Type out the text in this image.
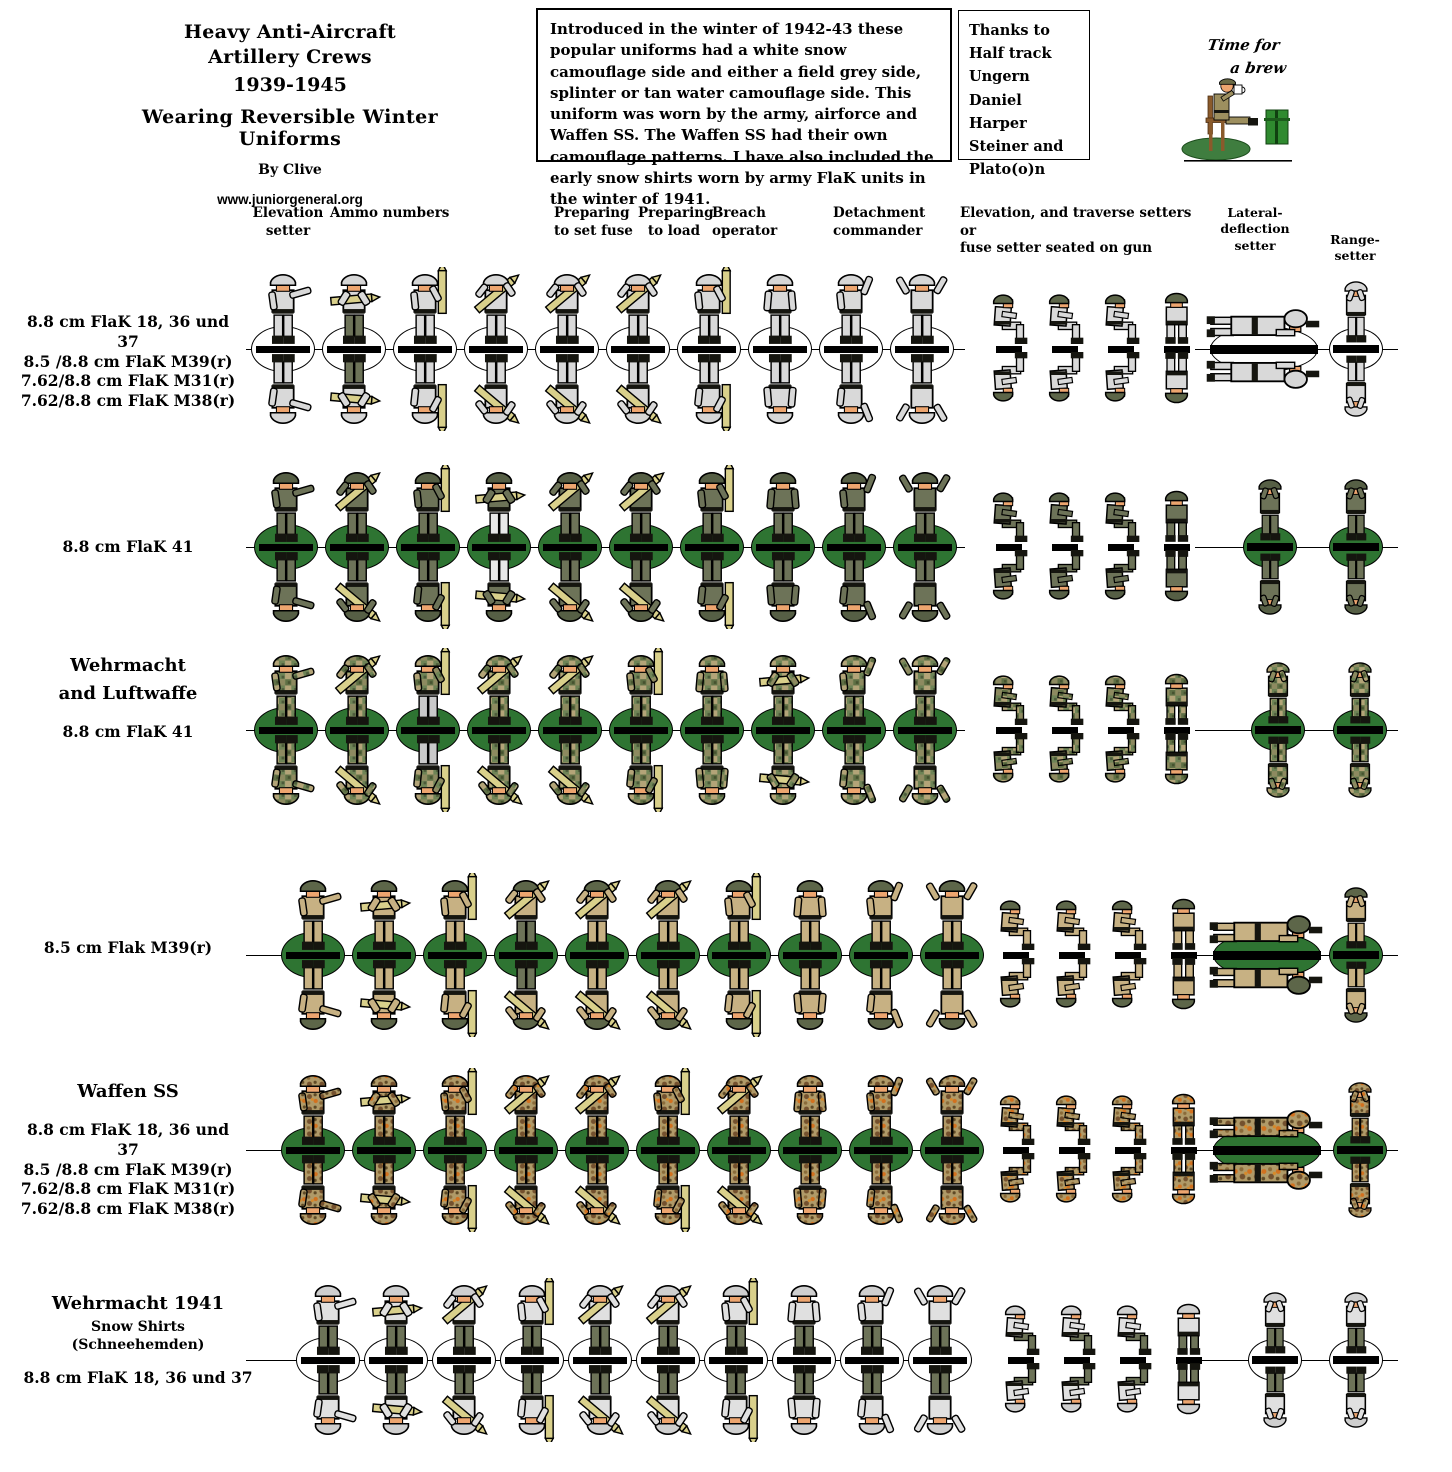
Heavy Anti-Aircraft
Artillery Crews
1939-1945
Wearing Reversible Winter Uniforms
By Clive
www.juniorgeneral.org
Introduced in the winter of 1942-43 these popular uniforms had a white snow camouflage side and either a field grey side, splinter or tan water camouflage side. This uniform was worn by the army, airforce and Waffen SS. The Waffen SS had their own camouflage patterns. I have also included the early snow shirts worn by army FlaK units in the winter of 1941.
Thanks to
Half track
Ungern
Daniel Harper
Steiner and
Plato(o)n
Time for
a brew
Elevation
setter
Ammo numbers	Preparing
to set fuse
Preparing
to load
Breach
operator
Detachment
commander
Elevation, and traverse setters or
fuse setter seated on gun
Lateral-deflection
setter	Range-setter
8.8 cm FlaK 18, 36 und 37
8.5 /8.8 cm FlaK M39(r)
7.62/8.8 cm FlaK M31(r)
7.62/8.8 cm FlaK M38(r)
8.8 cm FlaK 41
Wehrmacht
and Luftwaffe
8.8 cm FlaK 41
8.5 cm Flak M39(r)
Waffen SS
8.8 cm FlaK 18, 36 und 37
8.5 /8.8 cm FlaK M39(r)
7.62/8.8 cm FlaK M31(r)
7.62/8.8 cm FlaK M38(r)
Wehrmacht 1941
Snow Shirts
(Schneehemden)
8.8 cm FlaK 18, 36 und 37
